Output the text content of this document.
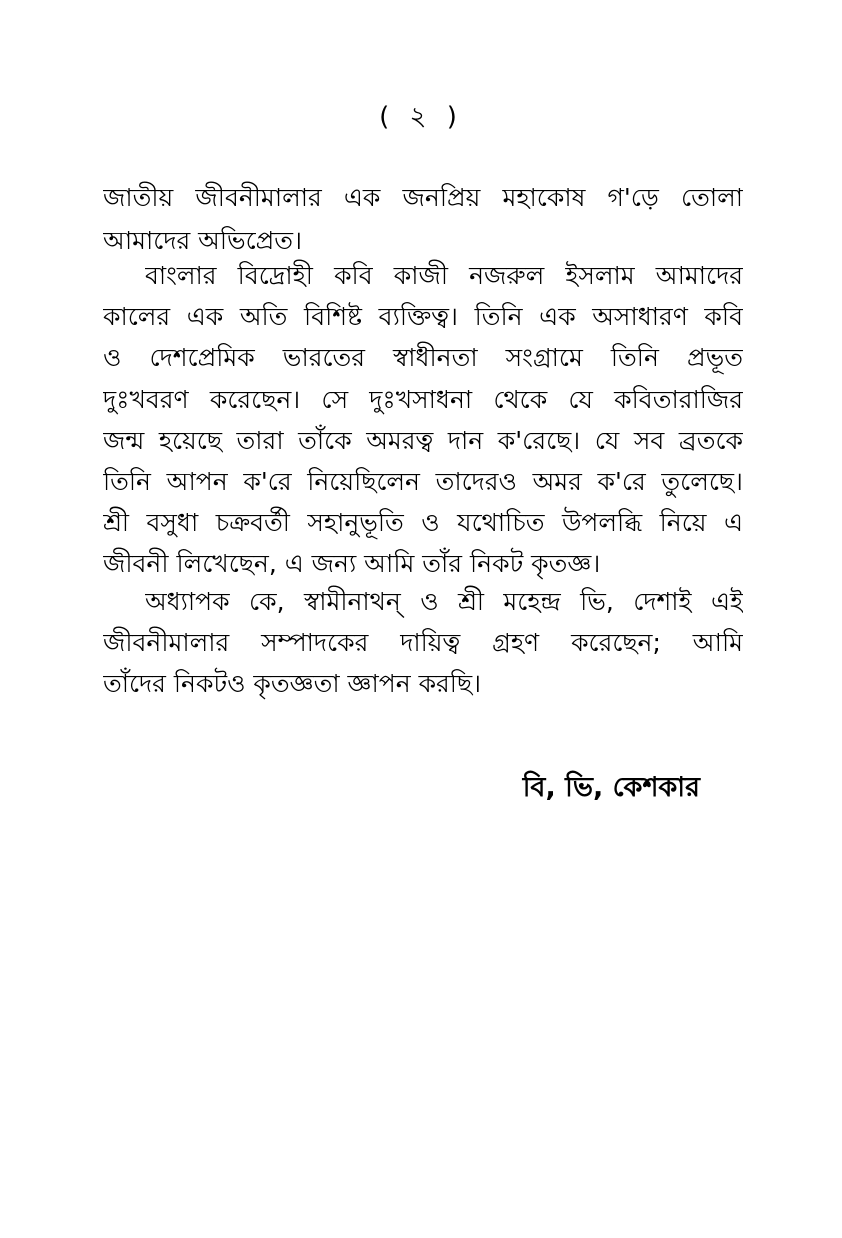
( ২ )
জাতীয় জীবনীমালার এক জনপ্রিয় মহাকোষ গ'ড়ে তোলা
আমাদের অভিপ্রেত।
বাংলার বিদ্রোহী কবি কাজী নজরুল ইসলাম আমাদের
কালের এক অতি বিশিষ্ট ব্যক্তিত্ব। তিনি এক অসাধারণ কবি
ও দেশপ্রেমিক ভারতের স্বাধীনতা সংগ্রামে তিনি প্রভূত
দুঃখবরণ করেছেন। সে দুঃখসাধনা থেকে যে কবিতারাজির
জন্ম হয়েছে তারা তাঁকে অমরত্ব দান ক'রেছে। যে সব ব্রতকে
তিনি আপন ক'রে নিয়েছিলেন তাদেরও অমর ক'রে তুলেছে।
শ্রী বসুধা চক্রবর্তী সহানুভূতি ও যথোচিত উপলব্ধি নিয়ে এ
জীবনী লিখেছেন, এ জন্য আমি তাঁর নিকট কৃতজ্ঞ।
অধ্যাপক কে, স্বামীনাথন্ ও শ্রী মহেন্দ্র ভি, দেশাই এই
জীবনীমালার সম্পাদকের দায়িত্ব গ্রহণ করেছেন; আমি
তাঁদের নিকটও কৃতজ্ঞতা জ্ঞাপন করছি।
বি, ভি, কেশকার
